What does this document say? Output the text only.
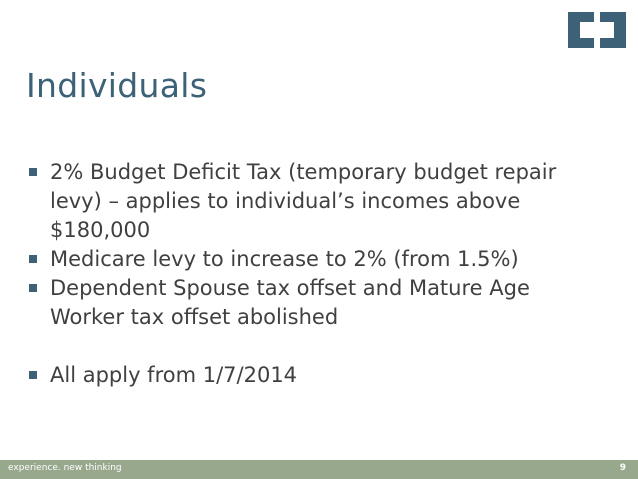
Individuals
2% Budget Deficit Tax (temporary budget repair levy) – applies to individual’s incomes above $180,000
Medicare levy to increase to 2% (from 1.5%)
Dependent Spouse tax offset and Mature Age Worker tax offset abolished
All apply from 1/7/2014
experience. new thinking	9
